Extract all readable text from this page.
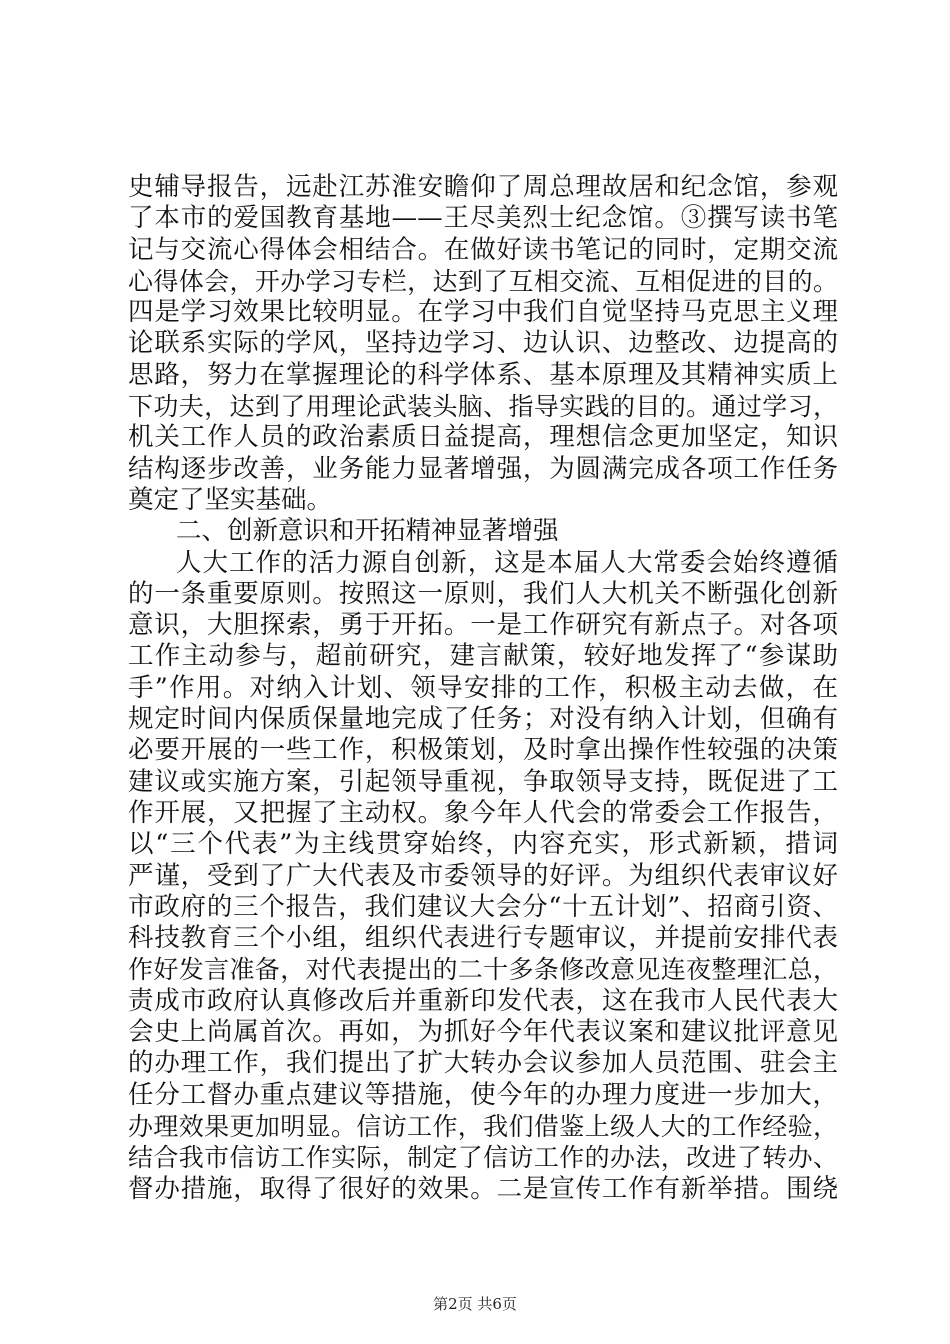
史辅导报告，远赴江苏淮安瞻仰了周总理故居和纪念馆，参观
了本市的爱国教育基地——王尽美烈士纪念馆。③撰写读书笔
记与交流心得体会相结合。在做好读书笔记的同时，定期交流
心得体会，开办学习专栏，达到了互相交流、互相促进的目的。
四是学习效果比较明显。在学习中我们自觉坚持马克思主义理
论联系实际的学风，坚持边学习、边认识、边整改、边提高的
思路，努力在掌握理论的科学体系、基本原理及其精神实质上
下功夫，达到了用理论武装头脑、指导实践的目的。通过学习，
机关工作人员的政治素质日益提高，理想信念更加坚定，知识
结构逐步改善，业务能力显著增强，为圆满完成各项工作任务
奠定了坚实基础。
二、创新意识和开拓精神显著增强
人大工作的活力源自创新，这是本届人大常委会始终遵循
的一条重要原则。按照这一原则，我们人大机关不断强化创新
意识，大胆探索，勇于开拓。一是工作研究有新点子。对各项
工作主动参与，超前研究，建言献策，较好地发挥了“参谋助
手”作用。对纳入计划、领导安排的工作，积极主动去做，在
规定时间内保质保量地完成了任务；对没有纳入计划，但确有
必要开展的一些工作，积极策划，及时拿出操作性较强的决策
建议或实施方案，引起领导重视，争取领导支持，既促进了工
作开展，又把握了主动权。象今年人代会的常委会工作报告，
以“三个代表”为主线贯穿始终，内容充实，形式新颖，措词
严谨，受到了广大代表及市委领导的好评。为组织代表审议好
市政府的三个报告，我们建议大会分“十五计划”、招商引资、
科技教育三个小组，组织代表进行专题审议，并提前安排代表
作好发言准备，对代表提出的二十多条修改意见连夜整理汇总，
责成市政府认真修改后并重新印发代表，这在我市人民代表大
会史上尚属首次。再如，为抓好今年代表议案和建议批评意见
的办理工作，我们提出了扩大转办会议参加人员范围、驻会主
任分工督办重点建议等措施，使今年的办理力度进一步加大，
办理效果更加明显。信访工作，我们借鉴上级人大的工作经验，
结合我市信访工作实际，制定了信访工作的办法，改进了转办、
督办措施，取得了很好的效果。二是宣传工作有新举措。围绕
第2页 共6页
